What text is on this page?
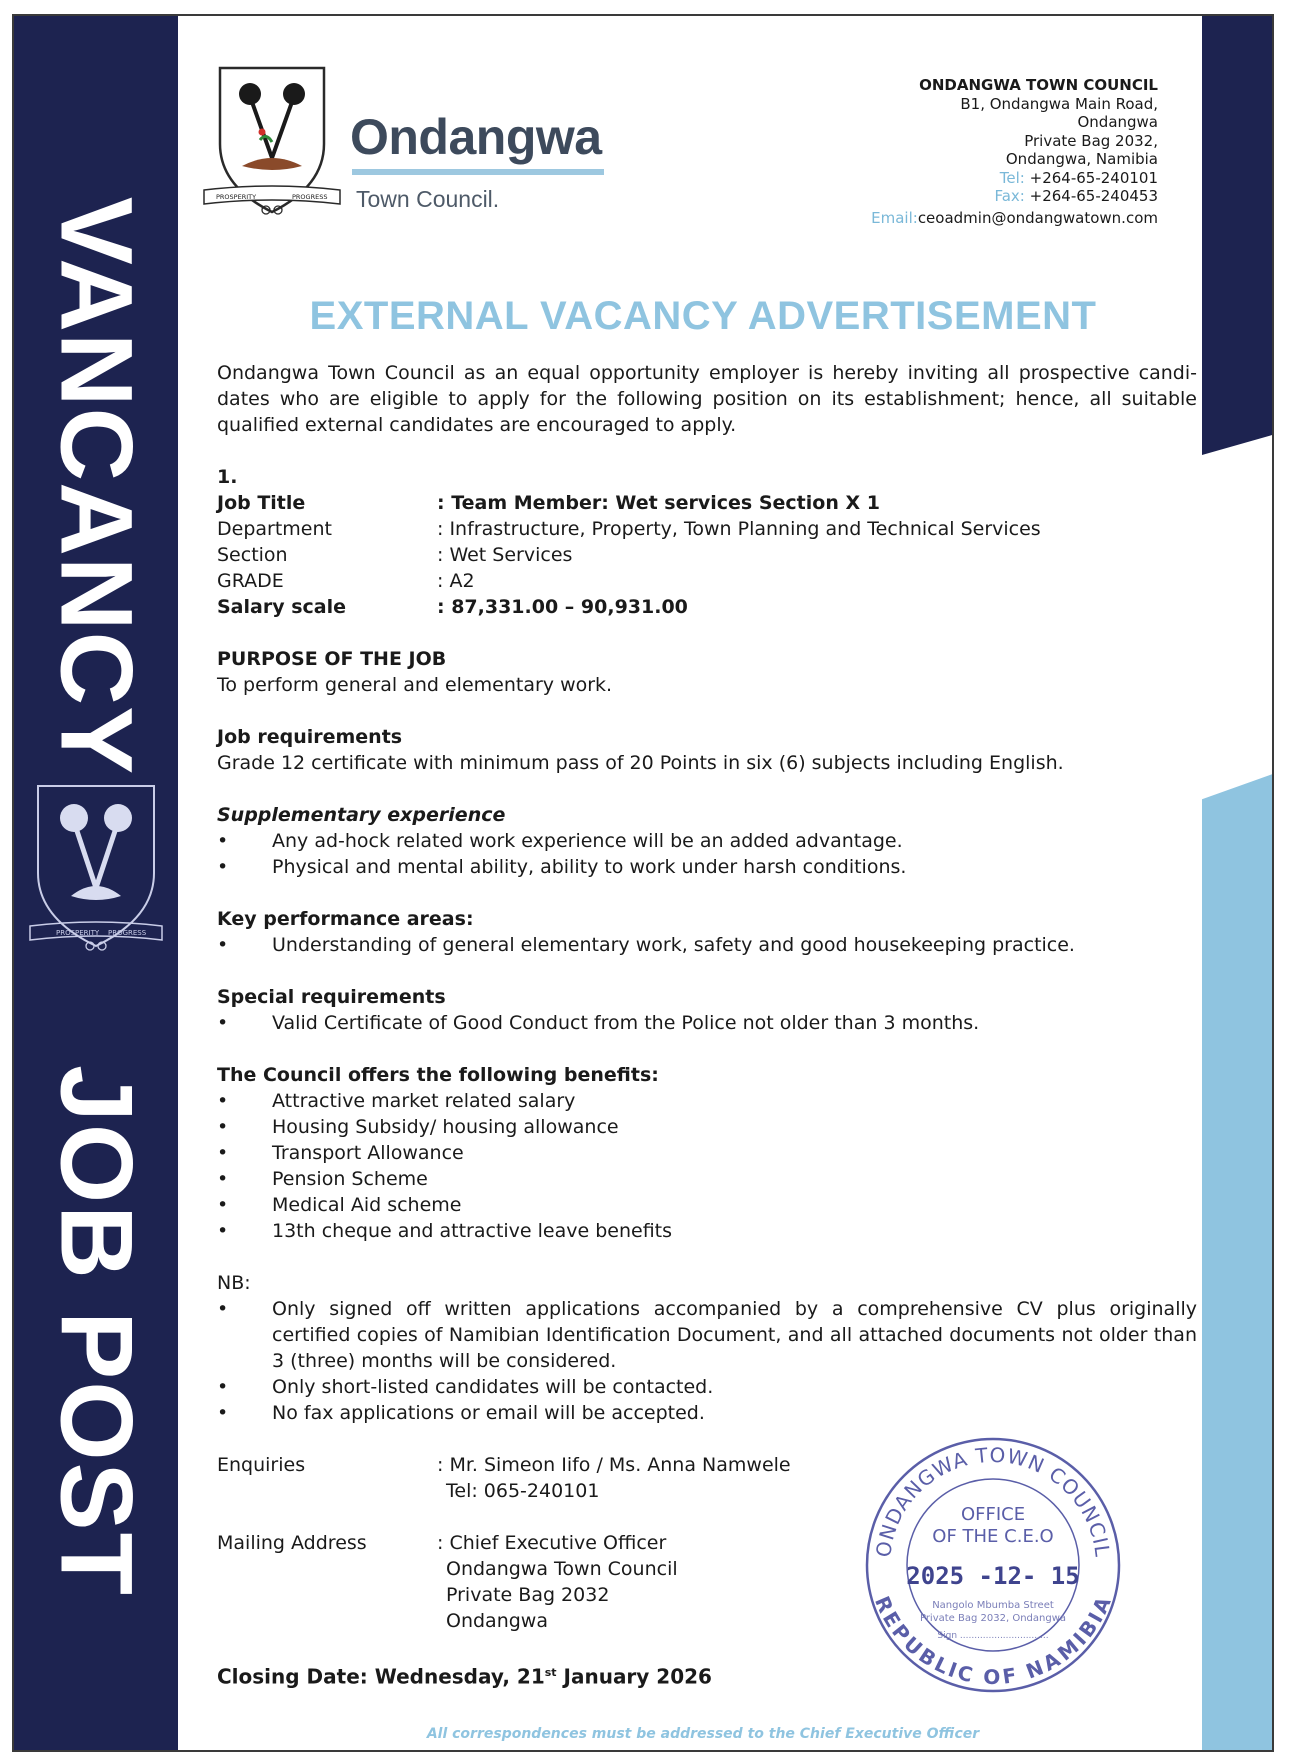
VANCANCY
PROSPERITY PROGRESS
JOB POST
PROSPERITY	PROGRESS
Ondangwa
Town Council.
ONDANGWA TOWN COUNCIL
B1, Ondangwa Main Road,
Ondangwa
Private Bag 2032,
Ondangwa, Namibia
Tel: +264-65-240101
Fax: +264-65-240453
Email:ceoadmin@ondangwatown.com
EXTERNAL VACANCY ADVERTISEMENT
Ondangwa Town Council as an equal opportunity employer is hereby inviting all prospective candi- dates who are eligible to apply for the following position on its establishment; hence, all suitable qualified external candidates are encouraged to apply.
1.
Job Title	: Team Member: Wet services Section X 1
Department	: Infrastructure, Property, Town Planning and Technical Services
Section	: Wet Services
GRADE	: A2
Salary scale	: 87,331.00 – 90,931.00
PURPOSE OF THE JOB
To perform general and elementary work.
Job requirements
Grade 12 certificate with minimum pass of 20 Points in six (6) subjects including English.
Supplementary experience
•	Any ad-hock related work experience will be an added advantage.
•	Physical and mental ability, ability to work under harsh conditions.
Key performance areas:
•	Understanding of general elementary work, safety and good housekeeping practice.
Special requirements
•	Valid Certificate of Good Conduct from the Police not older than 3 months.
The Council offers the following benefits:
•	Attractive market related salary
•	Housing Subsidy/ housing allowance
•	Transport Allowance
•	Pension Scheme
•	Medical Aid scheme
•	13th cheque and attractive leave benefits
NB:
•	Only signed off written applications accompanied by a comprehensive CV plus originally certified copies of Namibian Identification Document, and all attached documents not older than 3 (three) months will be considered.
•	Only short-listed candidates will be contacted.
•	No fax applications or email will be accepted.
Enquiries	: Mr. Simeon Iifo / Ms. Anna Namwele
Tel: 065-240101
Mailing Address	: Chief Executive Officer
Ondangwa Town Council
Private Bag 2032
Ondangwa
Closing Date: Wednesday, 21st January 2026
ONDANGWA TOWN COUNCIL
REPUBLIC OF NAMIBIA
OFFICE
OF THE C.E.O
2025 -12- 15
Nangolo Mbumba Street
Private Bag 2032, Ondangwa
Sign ...............................
All correspondences must be addressed to the Chief Executive Officer
